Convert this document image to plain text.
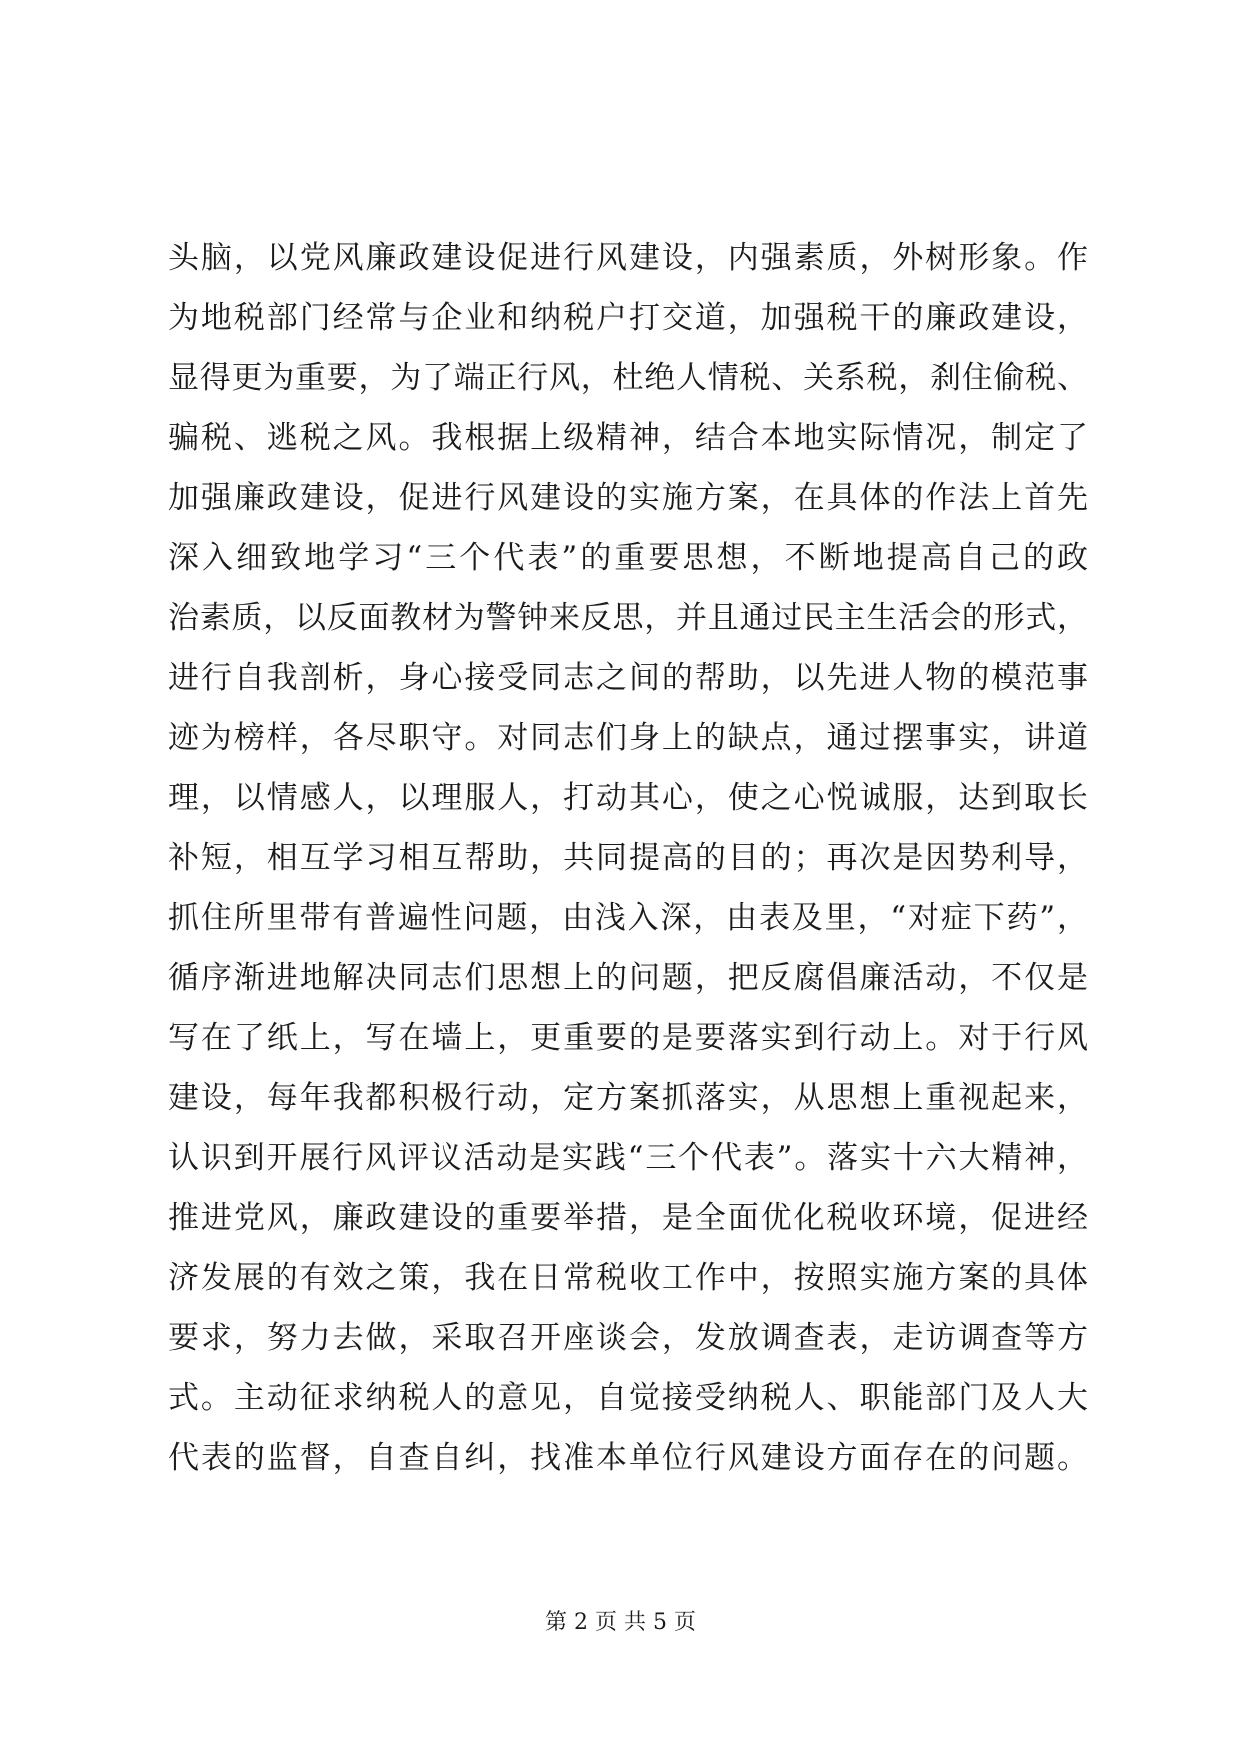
头脑，以党风廉政建设促进行风建设，内强素质，外树形象。作
为地税部门经常与企业和纳税户打交道，加强税干的廉政建设，
显得更为重要，为了端正行风，杜绝人情税、关系税，刹住偷税、
骗税、逃税之风。我根据上级精神，结合本地实际情况，制定了
加强廉政建设，促进行风建设的实施方案，在具体的作法上首先
深入细致地学习“三个代表”的重要思想，不断地提高自己的政
治素质，以反面教材为警钟来反思，并且通过民主生活会的形式，
进行自我剖析，身心接受同志之间的帮助，以先进人物的模范事
迹为榜样，各尽职守。对同志们身上的缺点，通过摆事实，讲道
理，以情感人，以理服人，打动其心，使之心悦诚服，达到取长
补短，相互学习相互帮助，共同提高的目的；再次是因势利导，
抓住所里带有普遍性问题，由浅入深，由表及里，“对症下药”，
循序渐进地解决同志们思想上的问题，把反腐倡廉活动，不仅是
写在了纸上，写在墙上，更重要的是要落实到行动上。对于行风
建设，每年我都积极行动，定方案抓落实，从思想上重视起来，
认识到开展行风评议活动是实践“三个代表”。落实十六大精神，
推进党风，廉政建设的重要举措，是全面优化税收环境，促进经
济发展的有效之策，我在日常税收工作中，按照实施方案的具体
要求，努力去做，采取召开座谈会，发放调查表，走访调查等方
式。主动征求纳税人的意见，自觉接受纳税人、职能部门及人大
代表的监督，自查自纠，找准本单位行风建设方面存在的问题。
第 2 页 共 5 页
